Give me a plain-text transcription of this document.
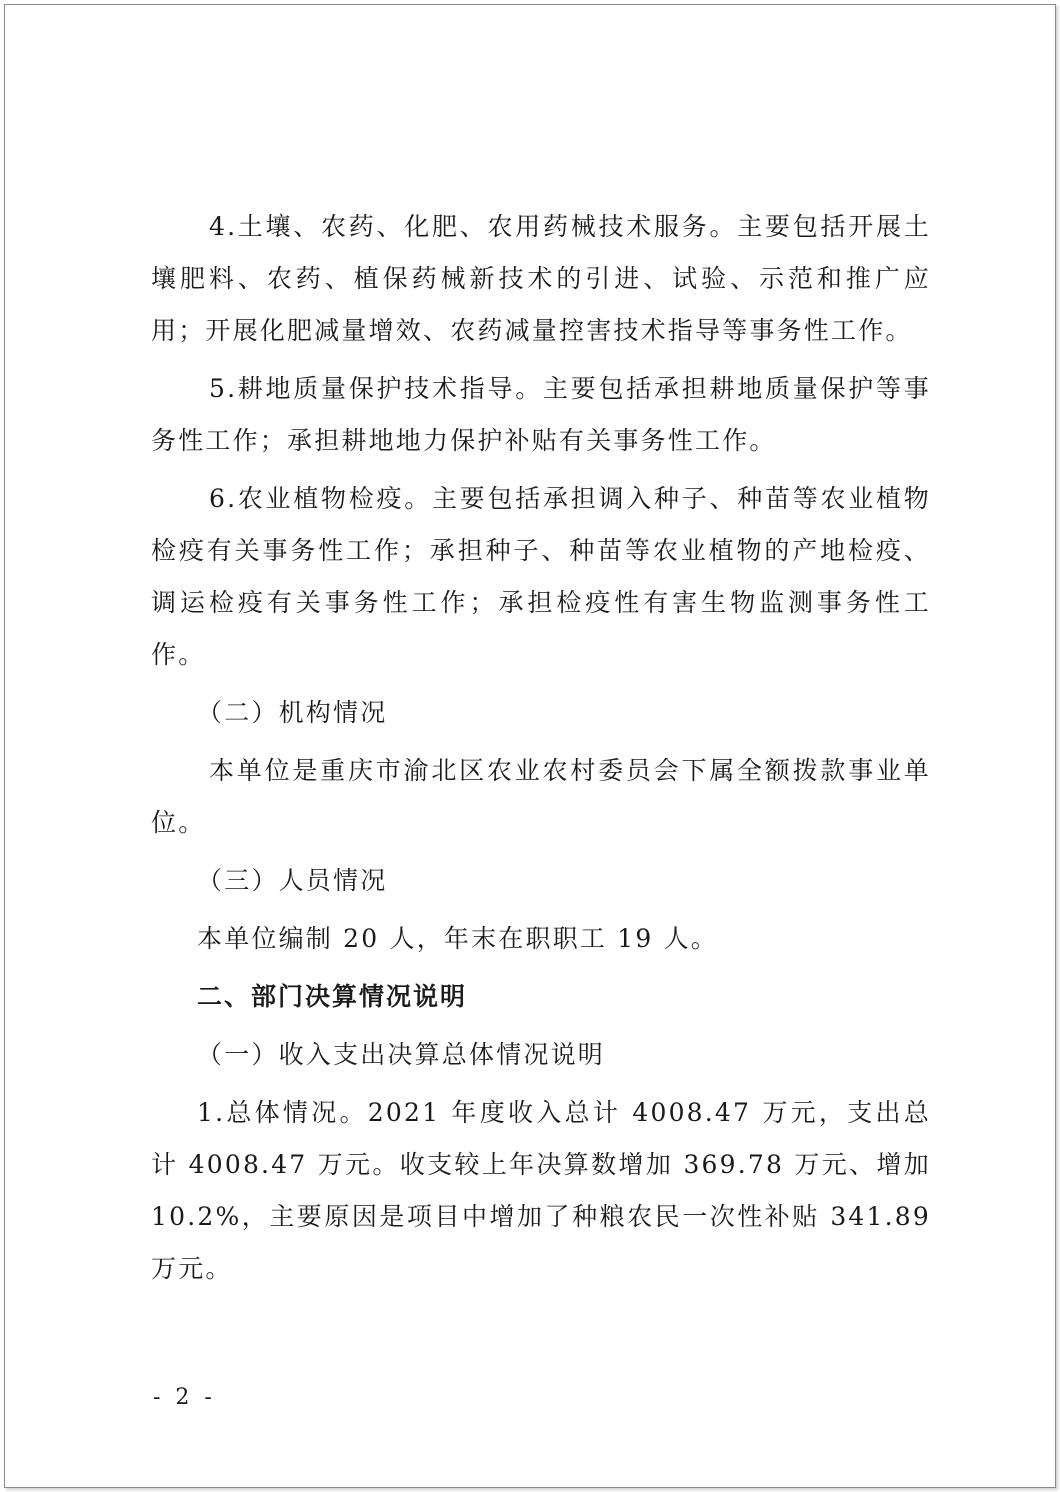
4.土壤、农药、化肥、农用药械技术服务。主要包括开展土壤肥料、农药、植保药械新技术的引进、试验、示范和推广应用；开展化肥减量增效、农药减量控害技术指导等事务性工作。

5.耕地质量保护技术指导。主要包括承担耕地质量保护等事务性工作；承担耕地地力保护补贴有关事务性工作。

6.农业植物检疫。主要包括承担调入种子、种苗等农业植物检疫有关事务性工作；承担种子、种苗等农业植物的产地检疫、调运检疫有关事务性工作；承担检疫性有害生物监测事务性工作。

（二）机构情况

本单位是重庆市渝北区农业农村委员会下属全额拨款事业单位。

（三）人员情况

本单位编制 20 人，年末在职职工 19 人。

二、部门决算情况说明

（一）收入支出决算总体情况说明

1.总体情况。2021 年度收入总计 4008.47 万元，支出总计 4008.47 万元。收支较上年决算数增加 369.78 万元、增加 10.2%，主要原因是项目中增加了种粮农民一次性补贴 341.89 万元。

- 2 -
